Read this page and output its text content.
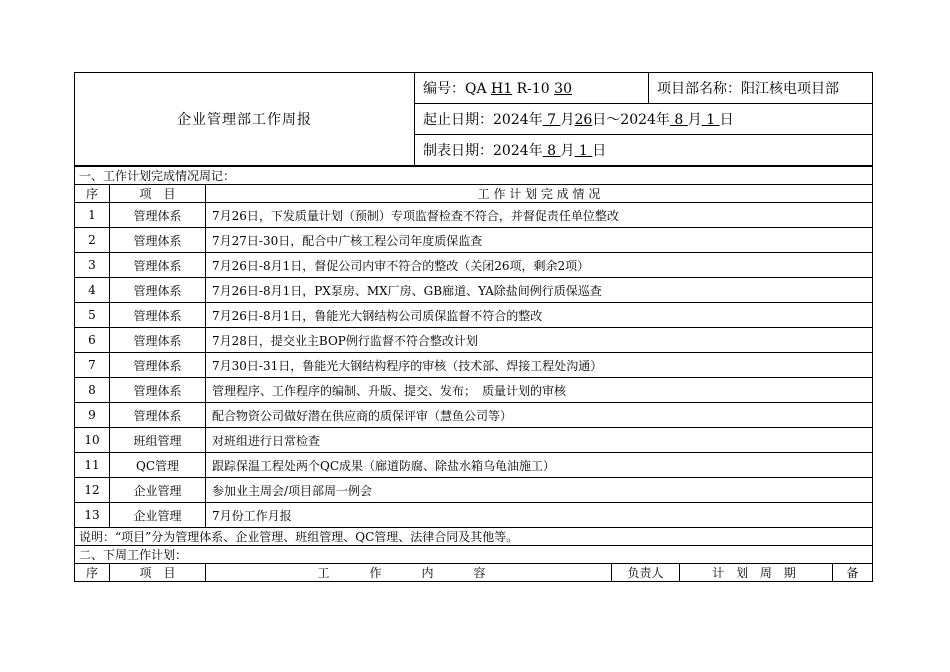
企业管理部工作周报	编号：QA H1 R-10 30	项目部名称：阳江核电项目部
起止日期：2024年 7 月26日～2024年 8 月 1 日
制表日期：2024年 8 月 1 日
一、工作计划完成情况周记：					
序	项　目	工 作 计 划 完 成 情 况			
1	管理体系	7月26日，下发质量计划（预制）专项监督检查不符合，并督促责任单位整改			
2	管理体系	7月27日-30日，配合中广核工程公司年度质保监查			
3	管理体系	7月26日-8月1日，督促公司内审不符合的整改（关闭26项，剩余2项）			
4	管理体系	7月26日-8月1日，PX泵房、MX厂房、GB廊道、YA除盐间例行质保巡查			
5	管理体系	7月26日-8月1日，鲁能光大钢结构公司质保监督不符合的整改			
6	管理体系	7月28日，提交业主BOP例行监督不符合整改计划			
7	管理体系	7月30日-31日，鲁能光大钢结构程序的审核（技术部、焊接工程处沟通）			
8	管理体系	管理程序、工作程序的编制、升版、提交、发布；　质量计划的审核			
9	管理体系	配合物资公司做好潜在供应商的质保评审（慧鱼公司等）			
10	班组管理	对班组进行日常检查			
11	QC管理	跟踪保温工程处两个QC成果（廊道防腐、除盐水箱乌龟油施工）			
12	企业管理	参加业主周会/项目部周一例会			
13	企业管理	7月份工作月报			
说明：“项目”分为管理体系、企业管理、班组管理、QC管理、法律合同及其他等。					
二、下周工作计划：					
序	项　目	工　作　内　容	负责人	计 划 周 期	备
